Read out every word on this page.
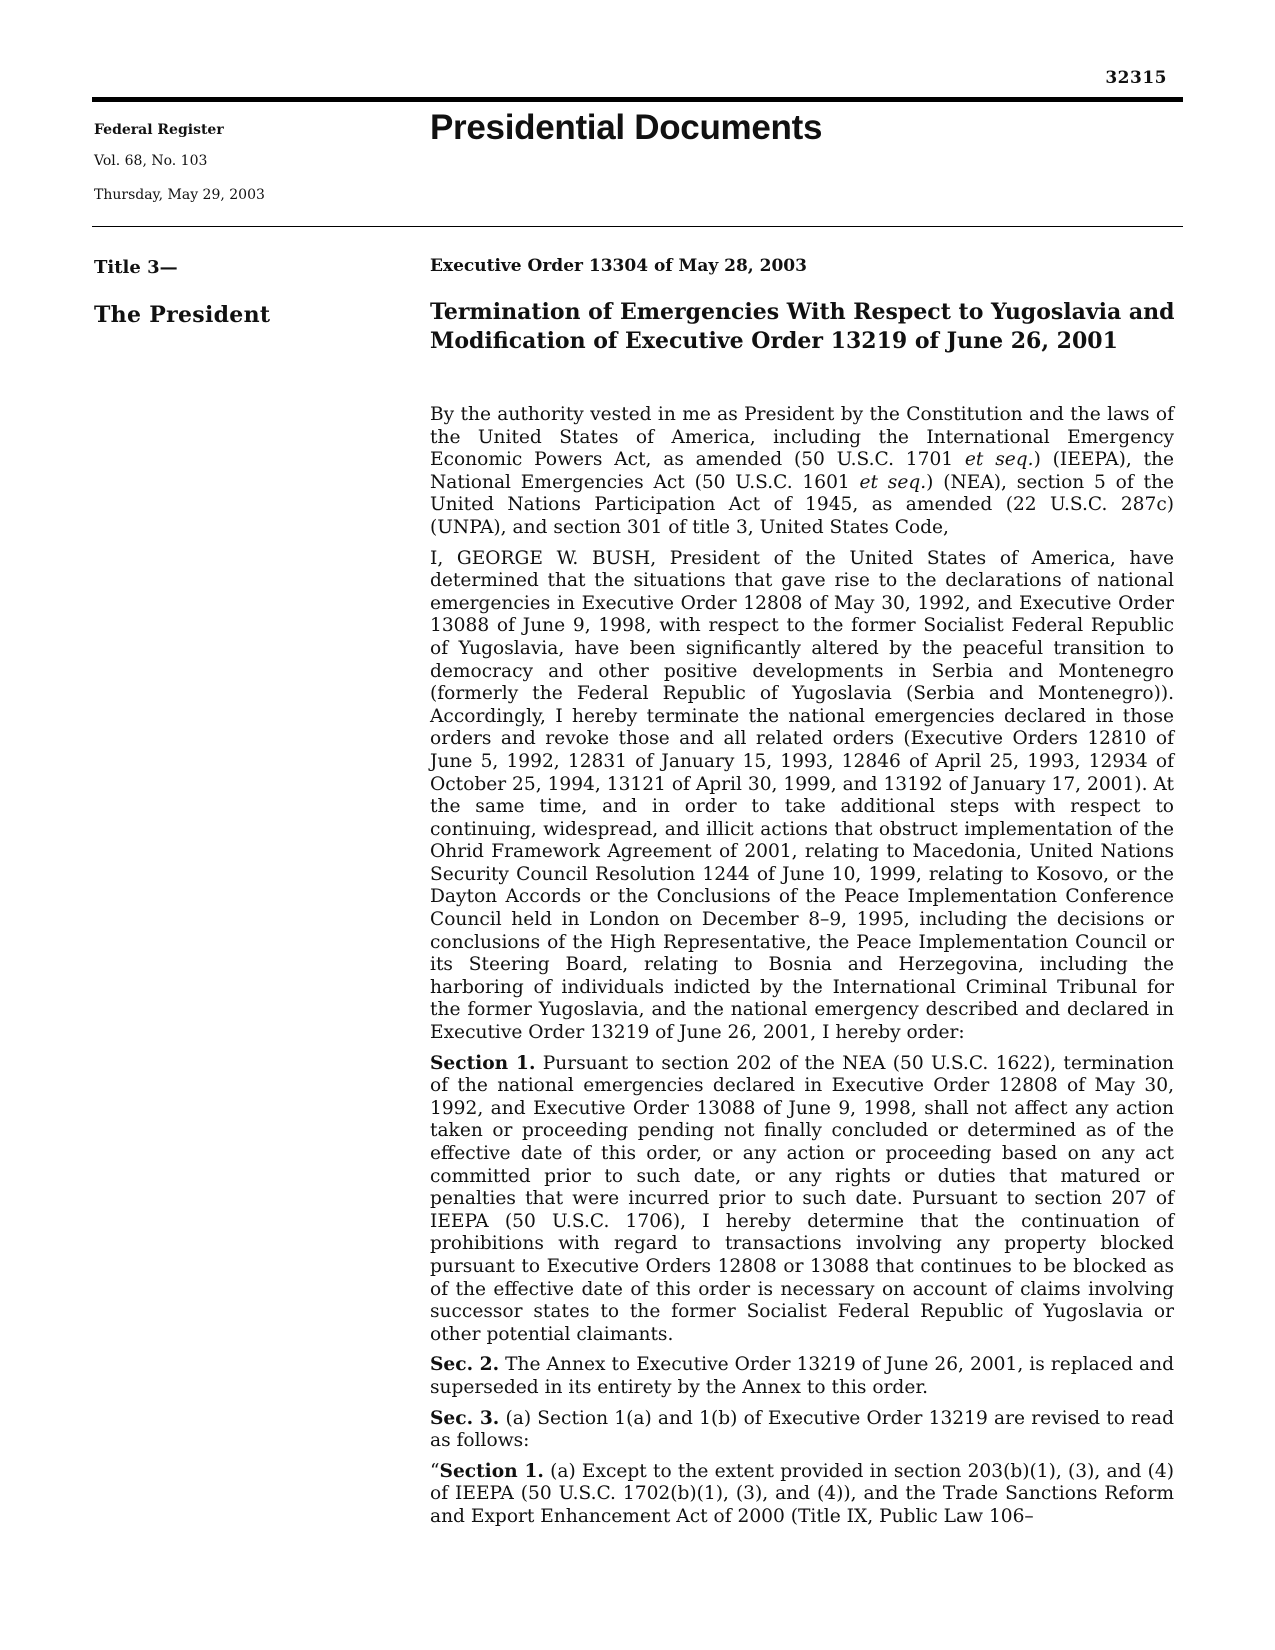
32315
Federal Register
Vol. 68, No. 103
Thursday, May 29, 2003
Presidential Documents
Title 3—
The President
Executive Order 13304 of May 28, 2003
Termination of Emergencies With Respect to Yugoslavia and Modification of Executive Order 13219 of June 26, 2001

By the authority vested in me as President by the Constitution and the laws of the United States of America, including the International Emergency Economic Powers Act, as amended (50 U.S.C. 1701 et seq.) (IEEPA), the National Emergencies Act (50 U.S.C. 1601 et seq.) (NEA), section 5 of the United Nations Participation Act of 1945, as amended (22 U.S.C. 287c) (UNPA), and section 301 of title 3, United States Code,

I, GEORGE W. BUSH, President of the United States of America, have determined that the situations that gave rise to the declarations of national emergencies in Executive Order 12808 of May 30, 1992, and Executive Order 13088 of June 9, 1998, with respect to the former Socialist Federal Republic of Yugoslavia, have been significantly altered by the peaceful transition to democracy and other positive developments in Serbia and Montenegro (formerly the Federal Republic of Yugoslavia (Serbia and Montenegro)). Accordingly, I hereby terminate the national emergencies declared in those orders and revoke those and all related orders (Executive Orders 12810 of June 5, 1992, 12831 of January 15, 1993, 12846 of April 25, 1993, 12934 of October 25, 1994, 13121 of April 30, 1999, and 13192 of January 17, 2001). At the same time, and in order to take additional steps with respect to continuing, widespread, and illicit actions that obstruct implementation of the Ohrid Framework Agreement of 2001, relating to Macedonia, United Nations Security Council Resolution 1244 of June 10, 1999, relating to Kosovo, or the Dayton Accords or the Conclusions of the Peace Implementation Conference Council held in London on December 8–9, 1995, including the decisions or conclusions of the High Representative, the Peace Implementation Council or its Steering Board, relating to Bosnia and Herzegovina, including the harboring of individuals indicted by the International Criminal Tribunal for the former Yugoslavia, and the national emergency described and declared in Executive Order 13219 of June 26, 2001, I hereby order:

Section 1. Pursuant to section 202 of the NEA (50 U.S.C. 1622), termination of the national emergencies declared in Executive Order 12808 of May 30, 1992, and Executive Order 13088 of June 9, 1998, shall not affect any action taken or proceeding pending not finally concluded or determined as of the effective date of this order, or any action or proceeding based on any act committed prior to such date, or any rights or duties that matured or penalties that were incurred prior to such date. Pursuant to section 207 of IEEPA (50 U.S.C. 1706), I hereby determine that the continuation of prohibitions with regard to transactions involving any property blocked pursuant to Executive Orders 12808 or 13088 that continues to be blocked as of the effective date of this order is necessary on account of claims involving successor states to the former Socialist Federal Republic of Yugoslavia or other potential claimants.

Sec. 2. The Annex to Executive Order 13219 of June 26, 2001, is replaced and superseded in its entirety by the Annex to this order.

Sec. 3. (a) Section 1(a) and 1(b) of Executive Order 13219 are revised to read as follows:

“Section 1. (a) Except to the extent provided in section 203(b)(1), (3), and (4) of IEEPA (50 U.S.C. 1702(b)(1), (3), and (4)), and the Trade Sanctions Reform and Export Enhancement Act of 2000 (Title IX, Public Law 106–
